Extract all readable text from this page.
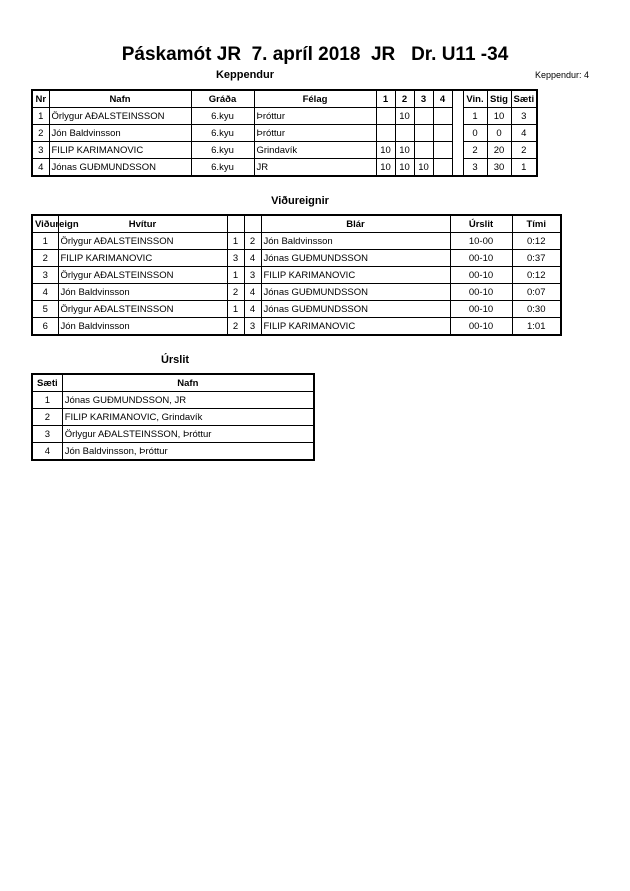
Páskamót JR  7. apríl 2018  JR   Dr. U11 -34
Keppendur	Keppendur: 4
Nr	Nafn	Gráða	Félag	1	2	3	4		Vin.	Stig	Sæti
1	Örlygur AÐALSTEINSSON	6.kyu	Þróttur		10				1	10	3
2	Jón Baldvinsson	6.kyu	Þróttur						0	0	4
3	FILIP KARIMANOVIC	6.kyu	Grindavík	10	10				2	20	2
4	Jónas GUÐMUNDSSON	6.kyu	JR	10	10	10			3	30	1
Viðureignir
Viðureign	Hvítur			Blár	Úrslit	Tími
1	Örlygur AÐALSTEINSSON	1	2	Jón Baldvinsson	10-00	0:12
2	FILIP KARIMANOVIC	3	4	Jónas GUÐMUNDSSON	00-10	0:37
3	Örlygur AÐALSTEINSSON	1	3	FILIP KARIMANOVIC	00-10	0:12
4	Jón Baldvinsson	2	4	Jónas GUÐMUNDSSON	00-10	0:07
5	Örlygur AÐALSTEINSSON	1	4	Jónas GUÐMUNDSSON	00-10	0:30
6	Jón Baldvinsson	2	3	FILIP KARIMANOVIC	00-10	1:01
Úrslit
Sæti	Nafn
1	Jónas GUÐMUNDSSON, JR
2	FILIP KARIMANOVIC, Grindavík
3	Örlygur AÐALSTEINSSON, Þróttur
4	Jón Baldvinsson, Þróttur
